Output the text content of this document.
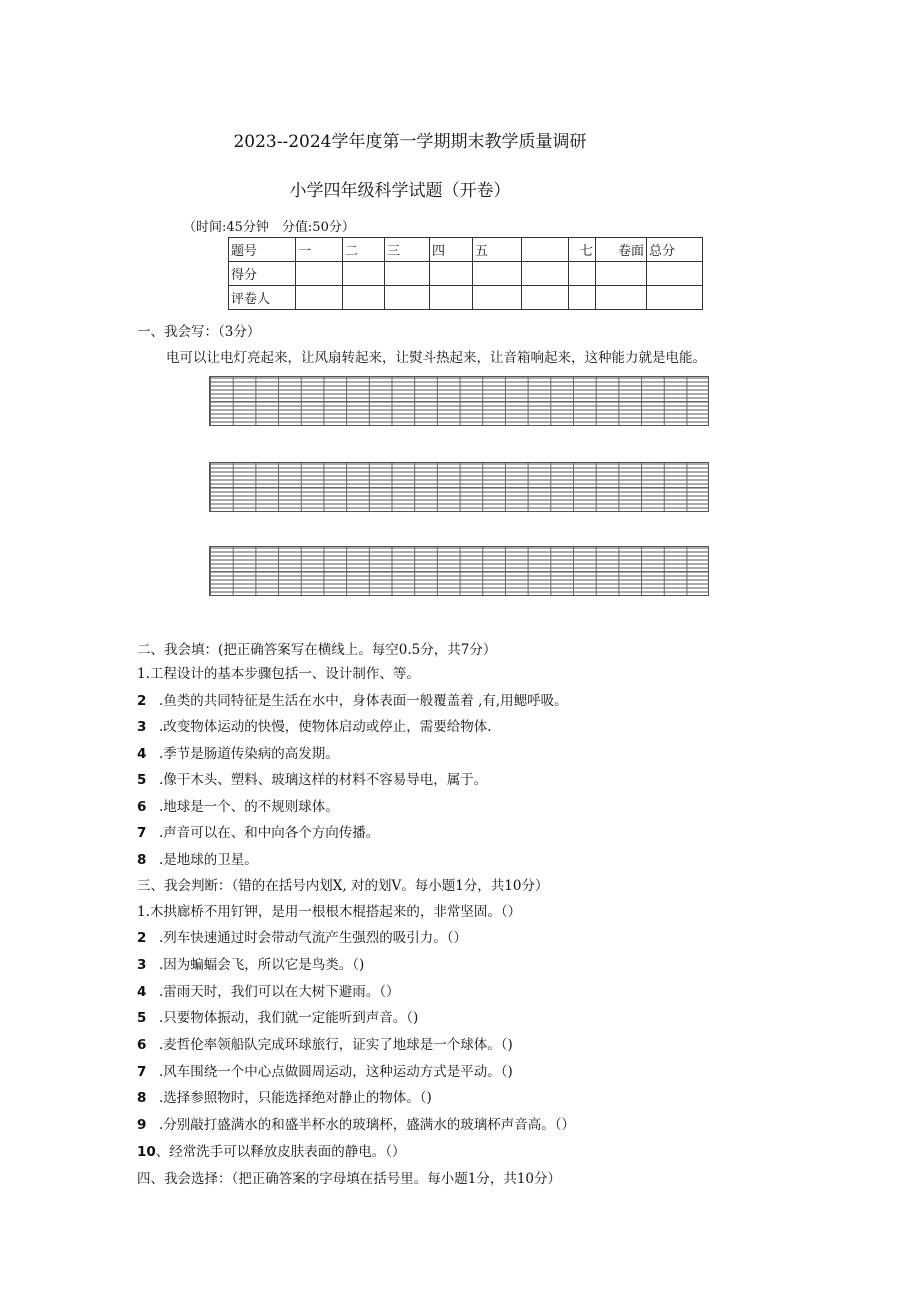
2023--2024学年度第一学期期末教学质量调研
小学四年级科学试题（开卷）
（时间:45分钟　分值:50分）
题号	一	二	三	四	五		七	卷面	总分
得分									
评卷人									
一、我会写：（3分）
电可以让电灯亮起来，让风扇转起来，让熨斗热起来，让音箱响起来，这种能力就是电能。
二、我会填：(把正确答案写在横线上。每空0.5分，共7分）
1.工程设计的基本步骤包括一、设计制作、等。
2 .鱼类的共同特征是生活在水中，身体表面一般覆盖着 ,有,用鳃呼吸。
3 .改变物体运动的快慢，使物体启动或停止，需要给物体.
4 .季节是肠道传染病的高发期。
5 .像干木头、塑料、玻璃这样的材料不容易导电，属于。
6 .地球是一个、的不规则球体。
7 .声音可以在、和中向各个方向传播。
8 .是地球的卫星。
三、我会判断：（错的在括号内划X, 对的划V。每小题1分，共10分）
1.木拱廊桥不用钉钾，是用一根根木棍搭起来的，非常坚固。（）
2 .列车快速通过时会带动气流产生强烈的吸引力。（）
3 .因为蝙蝠会飞，所以它是鸟类。（)
4 .雷雨天时，我们可以在大树下避雨。（）
5 .只要物体振动，我们就一定能听到声音。（)
6 .麦哲伦率领船队完成环球旅行，证实了地球是一个球体。（)
7 .风车围绕一个中心点做圆周运动，这种运动方式是平动。（)
8 .选择参照物时，只能选择绝对静止的物体。（)
9 .分别敲打盛满水的和盛半杯水的玻璃杯，盛满水的玻璃杯声音高。（）
10、经常洗手可以释放皮肤表面的静电。（）
四、我会选择：（把正确答案的字母填在括号里。每小题1分，共10分）
